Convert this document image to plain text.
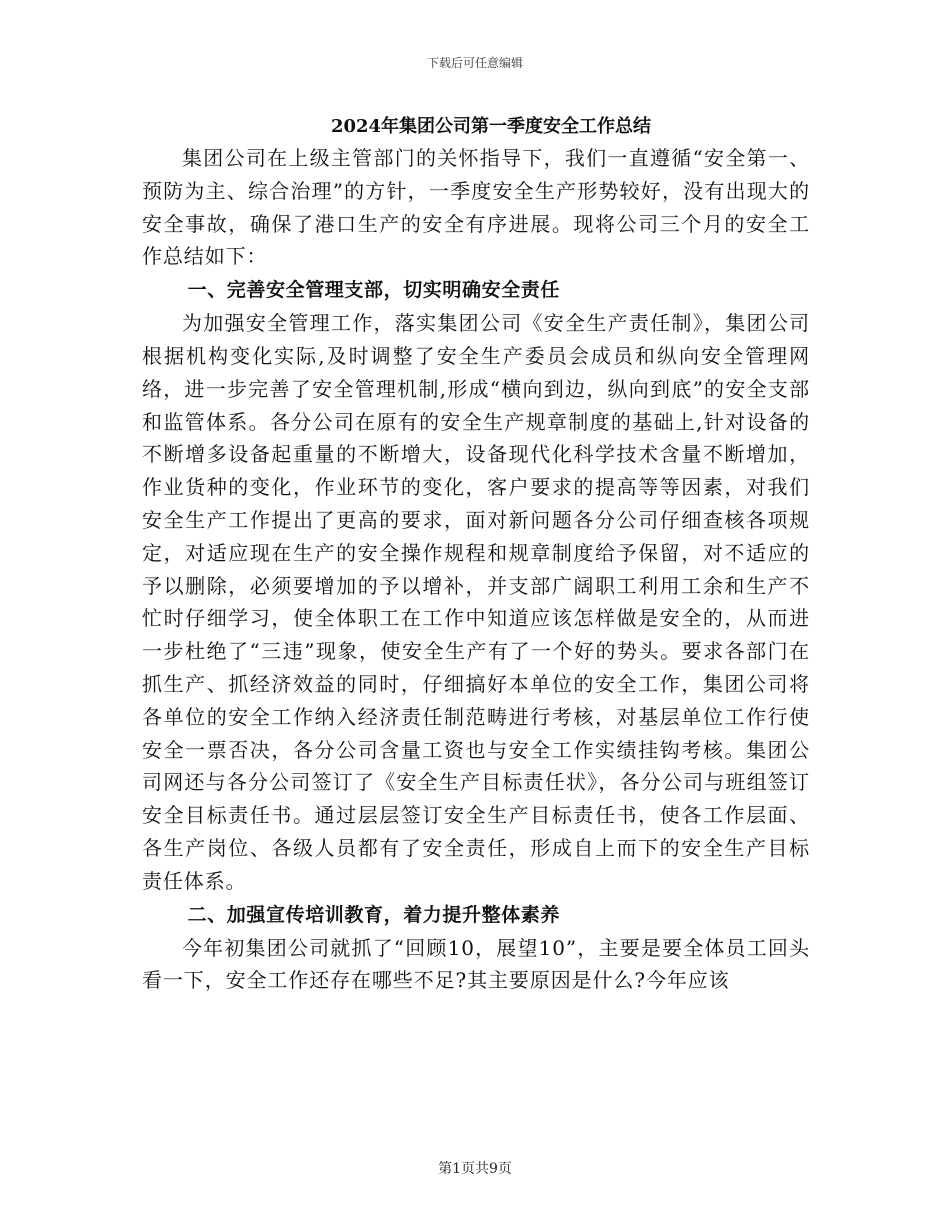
下载后可任意编辑
2024年集团公司第一季度安全工作总结

集团公司在上级主管部门的关怀指导下，我们一直遵循“安全第一、预防为主、综合治理”的方针，一季度安全生产形势较好，没有出现大的安全事故，确保了港口生产的安全有序进展。现将公司三个月的安全工作总结如下：

一、完善安全管理支部，切实明确安全责任

为加强安全管理工作，落实集团公司《安全生产责任制》，集团公司根据机构变化实际,及时调整了安全生产委员会成员和纵向安全管理网络，进一步完善了安全管理机制,形成“横向到边，纵向到底”的安全支部和监管体系。各分公司在原有的安全生产规章制度的基础上,针对设备的不断增多设备起重量的不断增大，设备现代化科学技术含量不断增加，作业货种的变化，作业环节的变化，客户要求的提高等等因素，对我们安全生产工作提出了更高的要求，面对新问题各分公司仔细查核各项规定，对适应现在生产的安全操作规程和规章制度给予保留，对不适应的予以删除，必须要增加的予以增补，并支部广阔职工利用工余和生产不忙时仔细学习，使全体职工在工作中知道应该怎样做是安全的，从而进一步杜绝了“三违”现象，使安全生产有了一个好的势头。要求各部门在抓生产、抓经济效益的同时，仔细搞好本单位的安全工作，集团公司将各单位的安全工作纳入经济责任制范畴进行考核，对基层单位工作行使安全一票否决，各分公司含量工资也与安全工作实绩挂钩考核。集团公司网还与各分公司签订了《安全生产目标责任状》，各分公司与班组签订安全目标责任书。通过层层签订安全生产目标责任书，使各工作层面、各生产岗位、各级人员都有了安全责任，形成自上而下的安全生产目标责任体系。

二、加强宣传培训教育，着力提升整体素养

今年初集团公司就抓了“回顾10，展望10”，主要是要全体员工回头看一下，安全工作还存在哪些不足?其主要原因是什么?今年应该

第1页共9页
